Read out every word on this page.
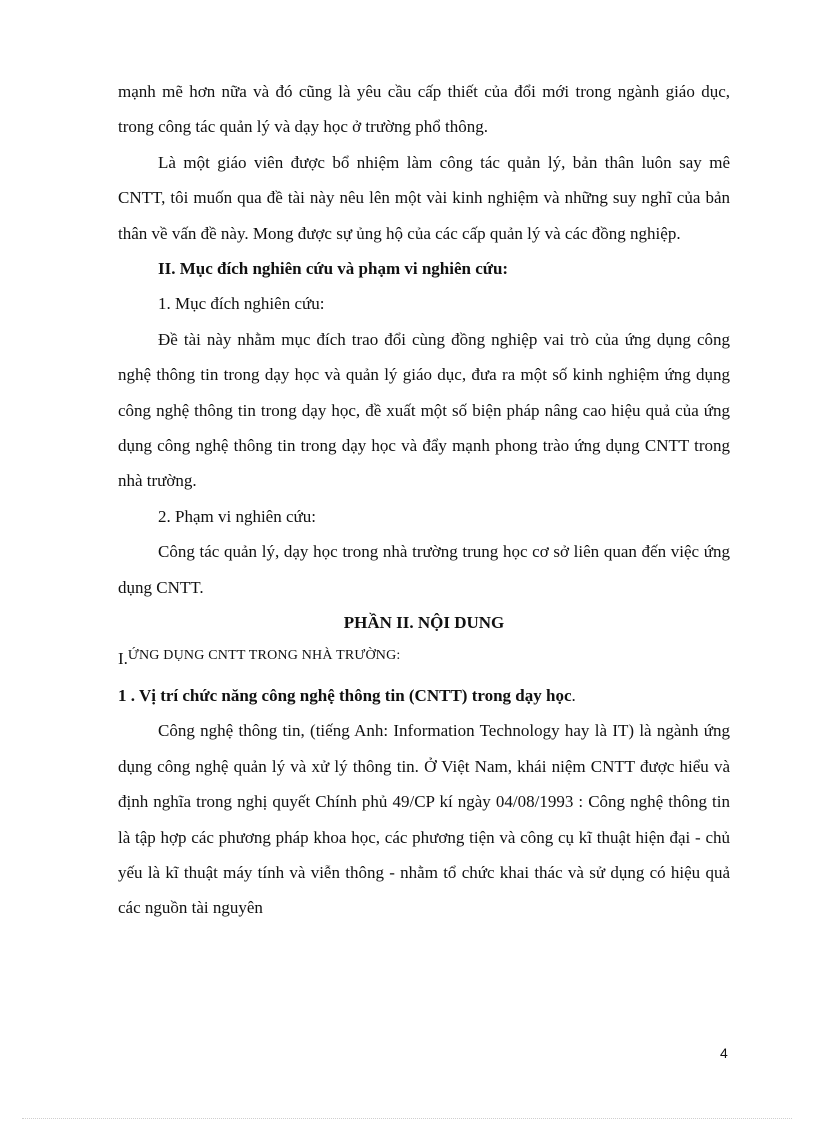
mạnh mẽ hơn nữa và đó cũng là yêu cầu cấp thiết của đổi mới trong ngành giáo dục, trong công tác quản lý và dạy học ở trường phổ thông.

Là một giáo viên được bổ nhiệm làm công tác quản lý, bản thân luôn say mê CNTT, tôi muốn qua đề tài này nêu lên một vài kinh nghiệm và những suy nghĩ của bản thân về vấn đề này. Mong được sự ủng hộ của các cấp quản lý và các đồng nghiệp.

II. Mục đích nghiên cứu và phạm vi nghiên cứu:

1. Mục đích nghiên cứu:

Đề tài này nhằm mục đích trao đổi cùng đồng nghiệp vai trò của ứng dụng công nghệ thông tin trong dạy học và quản lý giáo dục, đưa ra một số kinh nghiệm ứng dụng công nghệ thông tin trong dạy học, đề xuất một số biện pháp nâng cao hiệu quả của ứng dụng công nghệ thông tin trong dạy học và đẩy mạnh phong trào ứng dụng CNTT trong nhà trường.

2. Phạm vi nghiên cứu:

Công tác quản lý, dạy học trong nhà trường trung học cơ sở liên quan đến việc ứng dụng CNTT.

PHẦN II. NỘI DUNG

I.$^{ỨNG DỤNG CNTT TRONG NHÀ TRƯỜNG:}$

1 . Vị trí chức năng công nghệ thông tin (CNTT) trong dạy học.

Công nghệ thông tin, (tiếng Anh: Information Technology hay là IT) là ngành ứng dụng công nghệ quản lý và xử lý thông tin. Ở Việt Nam, khái niệm CNTT được hiểu và định nghĩa trong nghị quyết Chính phủ 49/CP kí ngày 04/08/1993 : Công nghệ thông tin là tập hợp các phương pháp khoa học, các phương tiện và công cụ kĩ thuật hiện đại - chủ yếu là kĩ thuật máy tính và viễn thông - nhằm tổ chức khai thác và sử dụng có hiệu quả các nguồn tài nguyên

4
